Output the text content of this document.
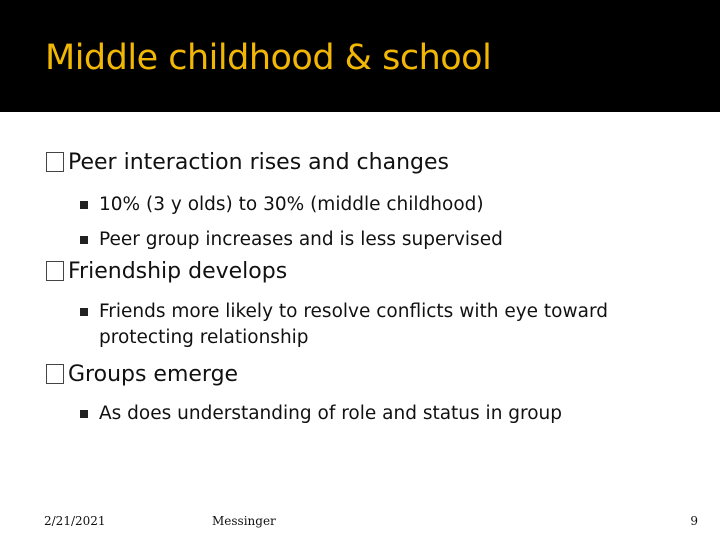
Middle childhood & school
Peer interaction rises and changes
10% (3 y olds) to 30% (middle childhood)
Peer group increases and is less supervised
Friendship develops
Friends more likely to resolve conflicts with eye toward protecting relationship
Groups emerge
As does understanding of role and status in group
2/21/2021	Messinger	9
